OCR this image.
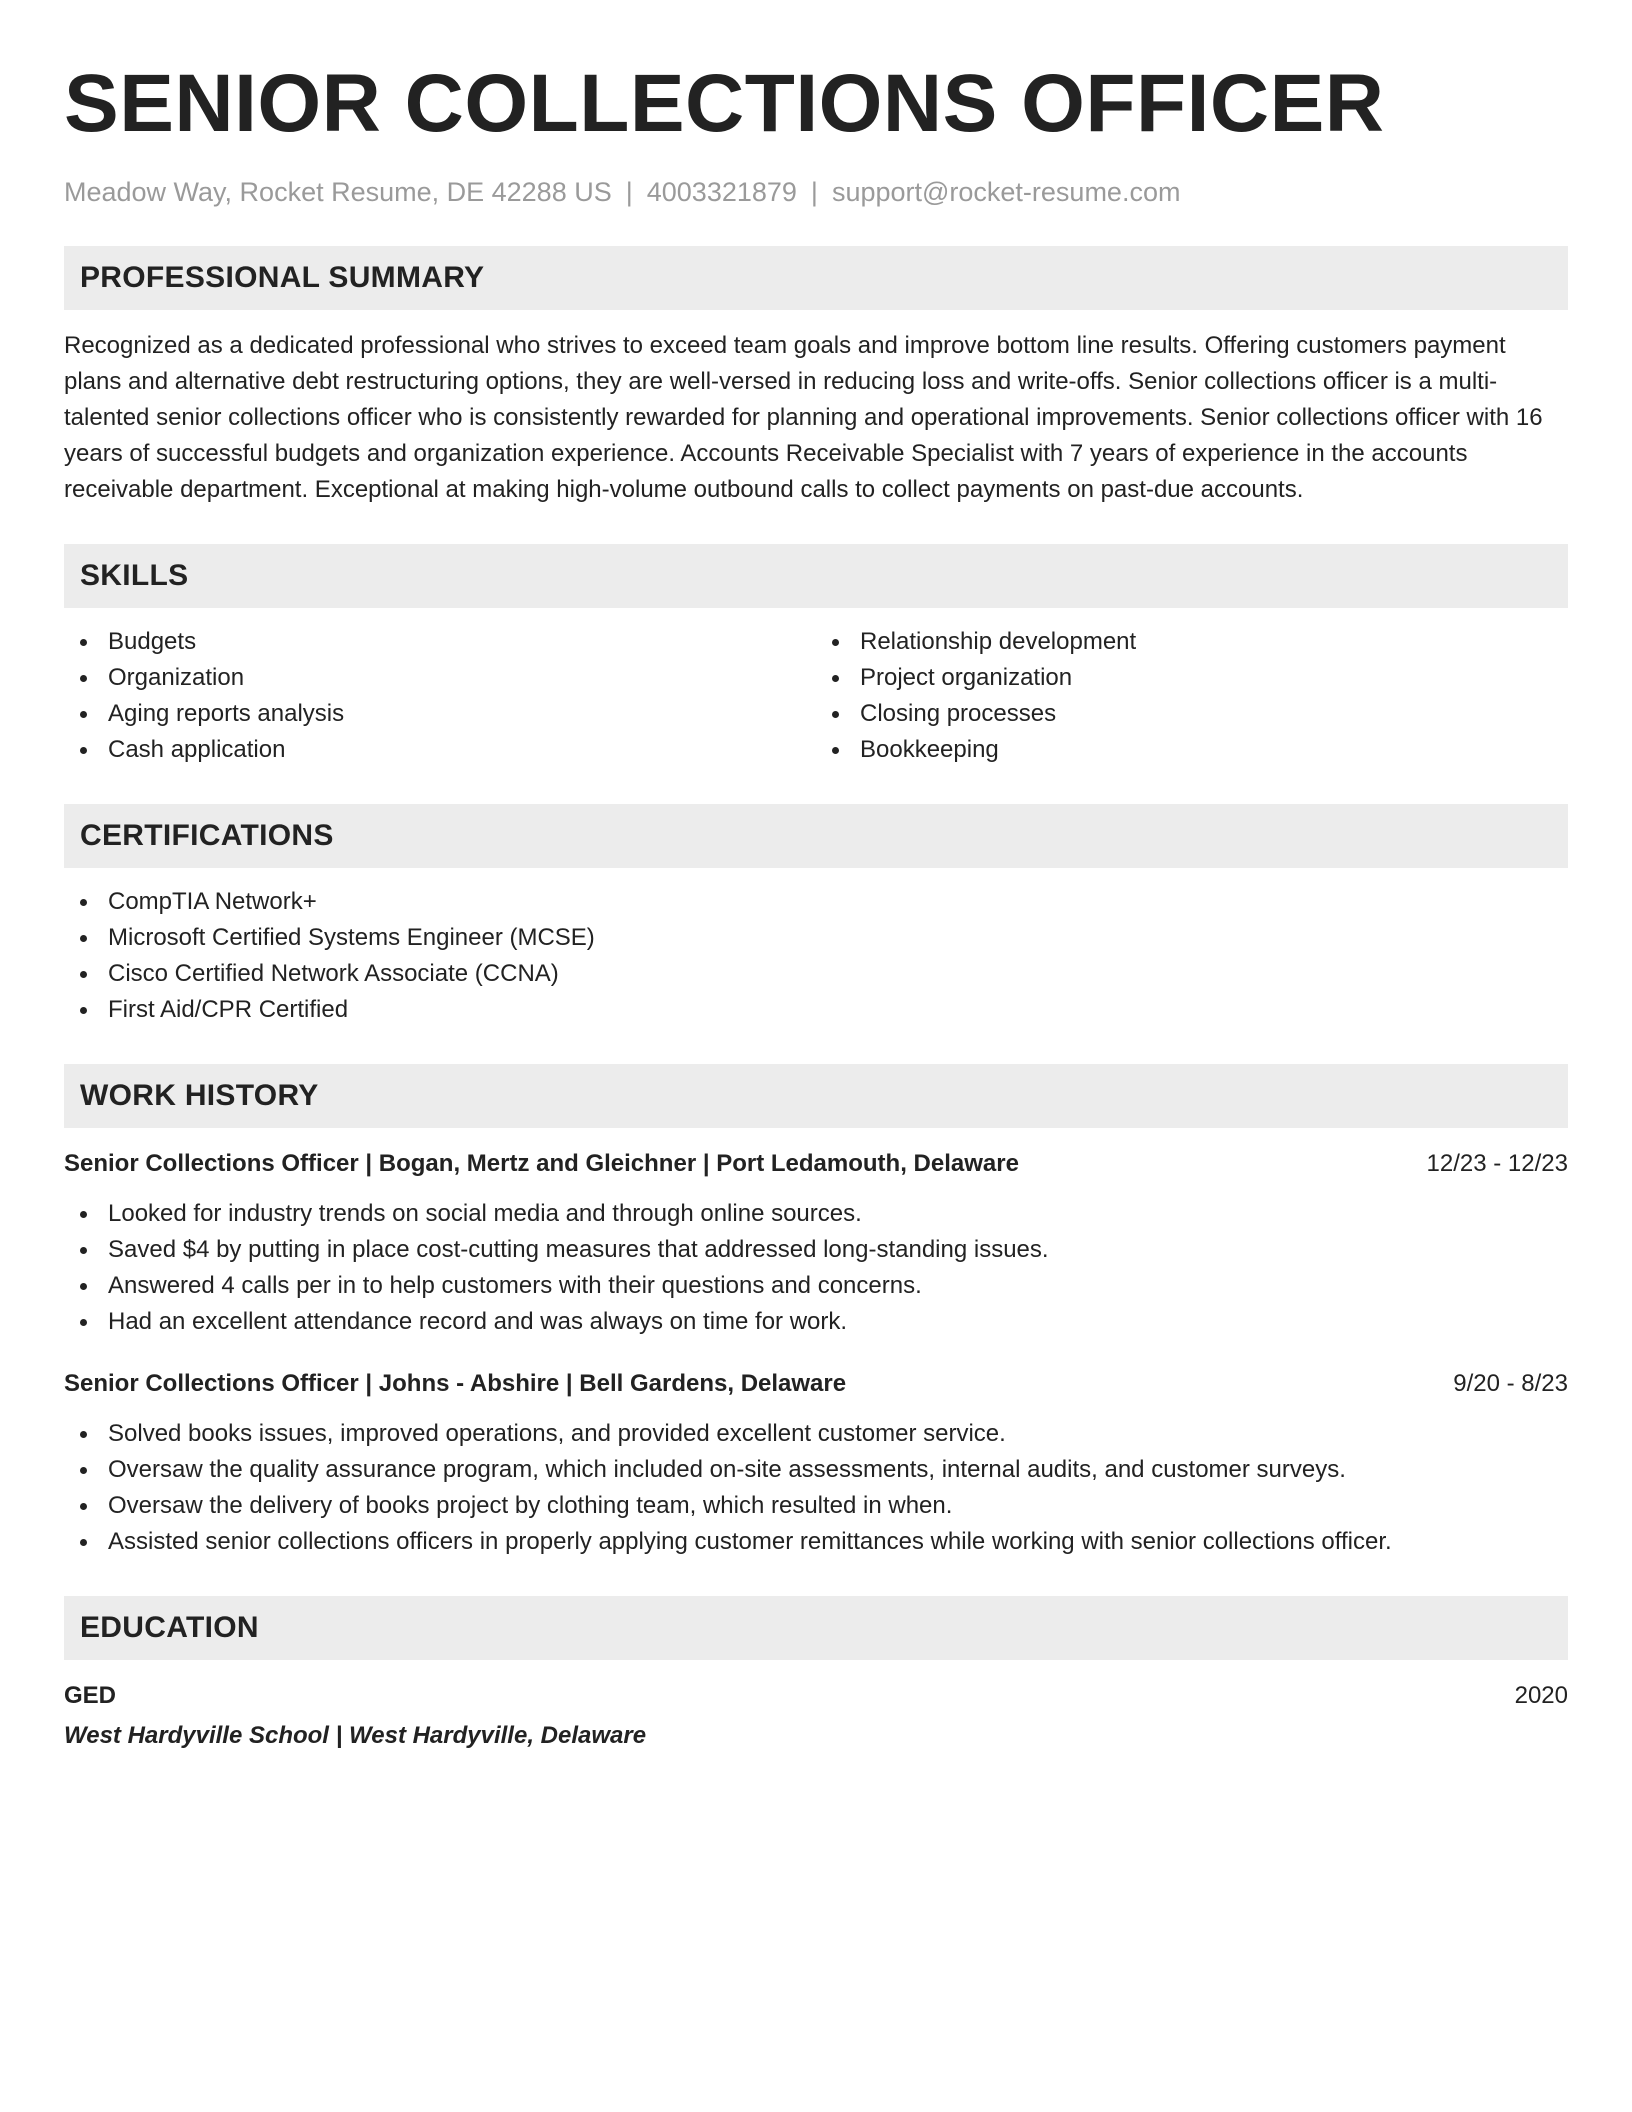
SENIOR COLLECTIONS OFFICER
Meadow Way, Rocket Resume, DE 42288 US | 4003321879 | support@rocket-resume.com
PROFESSIONAL SUMMARY

Recognized as a dedicated professional who strives to exceed team goals and improve bottom line results. Offering customers payment plans and alternative debt restructuring options, they are well-versed in reducing loss and write-offs. Senior collections officer is a multi-talented senior collections officer who is consistently rewarded for planning and operational improvements. Senior collections officer with 16 years of successful budgets and organization experience. Accounts Receivable Specialist with 7 years of experience in the accounts receivable department. Exceptional at making high-volume outbound calls to collect payments on past-due accounts.

SKILLS
Budgets
Organization
Aging reports analysis
Cash application
Relationship development
Project organization
Closing processes
Bookkeeping
CERTIFICATIONS
CompTIA Network+
Microsoft Certified Systems Engineer (MCSE)
Cisco Certified Network Associate (CCNA)
First Aid/CPR Certified
WORK HISTORY
Senior Collections Officer | Bogan, Mertz and Gleichner | Port Ledamouth, Delaware	12/23 - 12/23
Looked for industry trends on social media and through online sources.
Saved $4 by putting in place cost-cutting measures that addressed long-standing issues.
Answered 4 calls per in to help customers with their questions and concerns.
Had an excellent attendance record and was always on time for work.
Senior Collections Officer | Johns - Abshire | Bell Gardens, Delaware	9/20 - 8/23
Solved books issues, improved operations, and provided excellent customer service.
Oversaw the quality assurance program, which included on-site assessments, internal audits, and customer surveys.
Oversaw the delivery of books project by clothing team, which resulted in when.
Assisted senior collections officers in properly applying customer remittances while working with senior collections officer.
EDUCATION
GED	2020
West Hardyville School | West Hardyville, Delaware
